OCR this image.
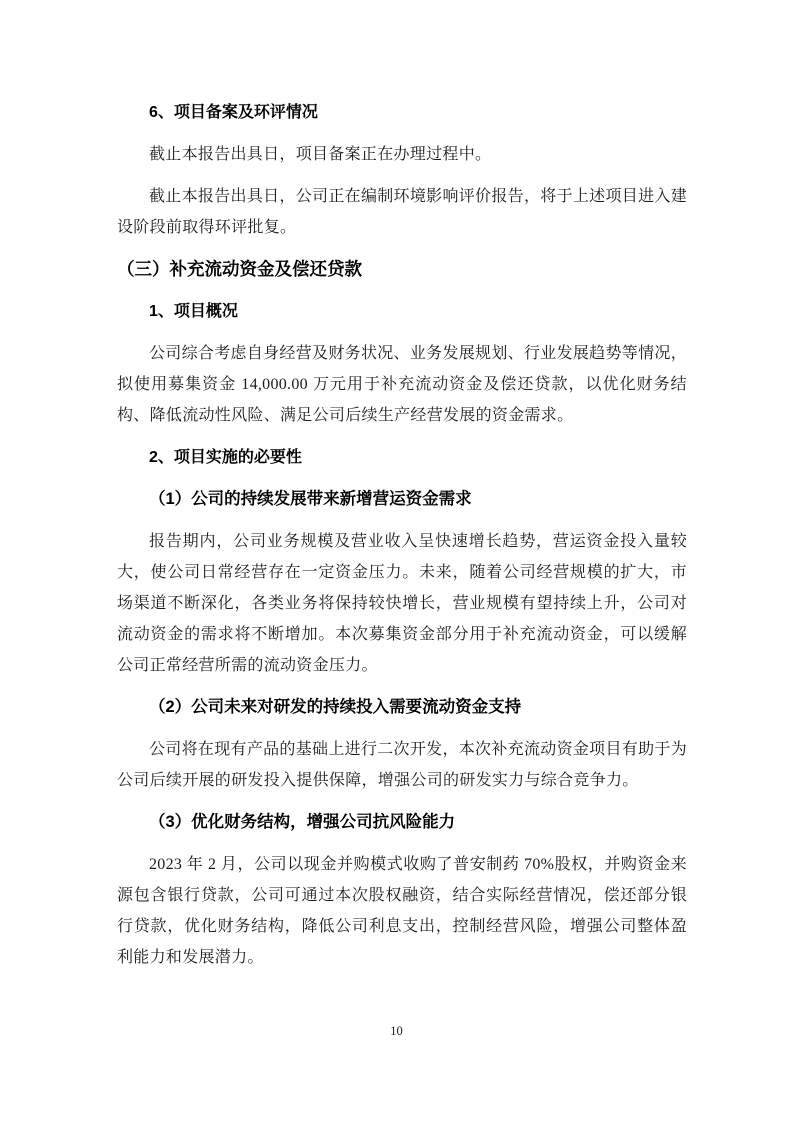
6、项目备案及环评情况
截止本报告出具日，项目备案正在办理过程中。
截止本报告出具日，公司正在编制环境影响评价报告，将于上述项目进入建设阶段前取得环评批复。
（三）补充流动资金及偿还贷款
1、项目概况
公司综合考虑自身经营及财务状况、业务发展规划、行业发展趋势等情况，拟使用募集资金 14,000.00 万元用于补充流动资金及偿还贷款，以优化财务结构、降低流动性风险、满足公司后续生产经营发展的资金需求。
2、项目实施的必要性
（1）公司的持续发展带来新增营运资金需求
报告期内，公司业务规模及营业收入呈快速增长趋势，营运资金投入量较大，使公司日常经营存在一定资金压力。未来，随着公司经营规模的扩大，市场渠道不断深化，各类业务将保持较快增长，营业规模有望持续上升，公司对流动资金的需求将不断增加。本次募集资金部分用于补充流动资金，可以缓解公司正常经营所需的流动资金压力。
（2）公司未来对研发的持续投入需要流动资金支持
公司将在现有产品的基础上进行二次开发，本次补充流动资金项目有助于为公司后续开展的研发投入提供保障，增强公司的研发实力与综合竞争力。
（3）优化财务结构，增强公司抗风险能力
2023 年 2 月，公司以现金并购模式收购了普安制药 70%股权，并购资金来源包含银行贷款，公司可通过本次股权融资，结合实际经营情况，偿还部分银行贷款，优化财务结构，降低公司利息支出，控制经营风险，增强公司整体盈利能力和发展潜力。
10
